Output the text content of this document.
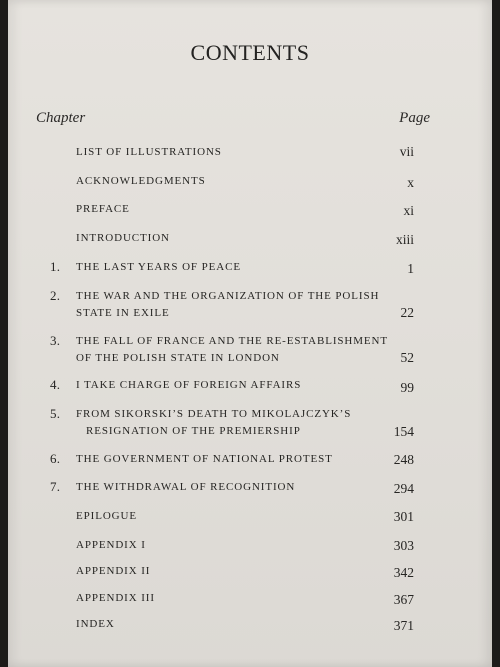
CONTENTS
Chapter	Page
LIST OF ILLUSTRATIONS	vii
ACKNOWLEDGMENTS	x
PREFACE	xi
INTRODUCTION	xiii
1. THE LAST YEARS OF PEACE	1
2. THE WAR AND THE ORGANIZATION OF THE POLISH
STATE IN EXILE	22
3. THE FALL OF FRANCE AND THE RE-ESTABLISHMENT
OF THE POLISH STATE IN LONDON	52
4. I TAKE CHARGE OF FOREIGN AFFAIRS	99
5. FROM SIKORSKI’S DEATH TO MIKOLAJCZYK’S
RESIGNATION OF THE PREMIERSHIP	154
6. THE GOVERNMENT OF NATIONAL PROTEST	248
7. THE WITHDRAWAL OF RECOGNITION	294
EPILOGUE	301
APPENDIX I	303
APPENDIX II	342
APPENDIX III	367
INDEX	371
